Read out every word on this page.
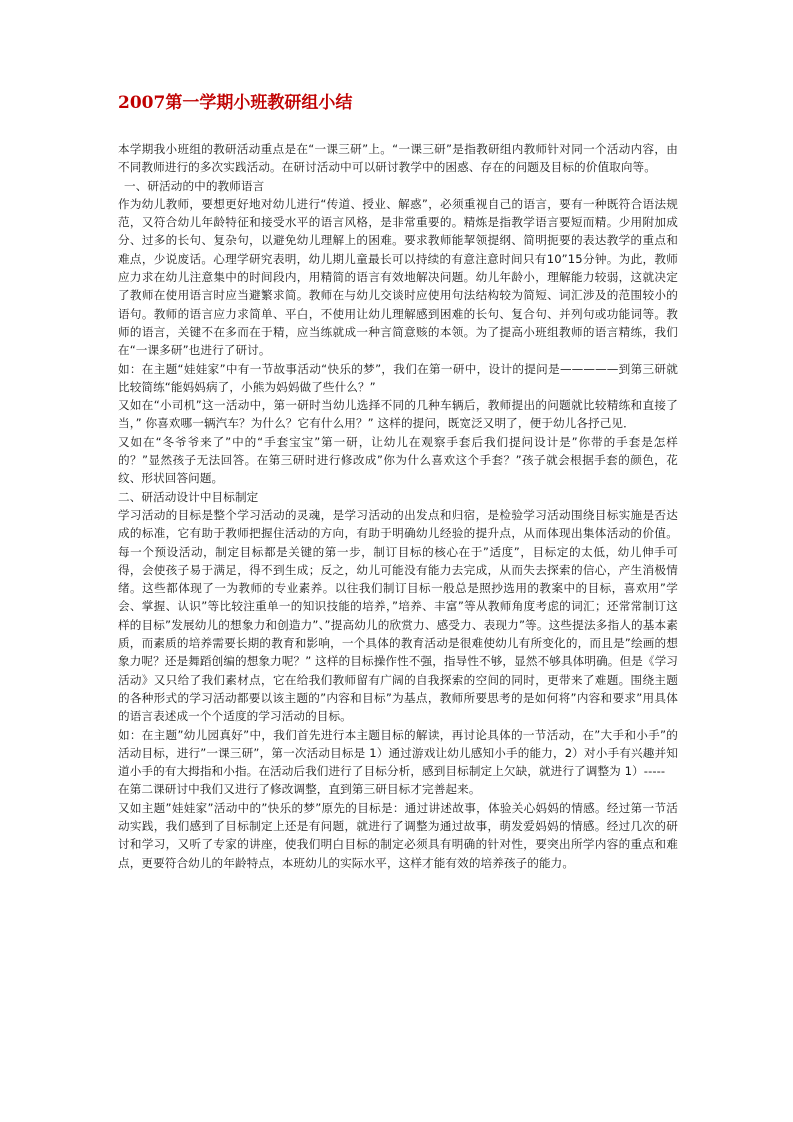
2007第一学期小班教研组小结

本学期我小班组的教研活动重点是在“一课三研”上。“一课三研”是指教研组内教师针对同一个活动内容，由不同教师进行的多次实践活动。在研讨活动中可以研讨教学中的困惑、存在的问题及目标的价值取向等。

一、研活动的中的教师语言

作为幼儿教师，要想更好地对幼儿进行“传道、授业、解惑”，必须重视自己的语言，要有一种既符合语法规范，又符合幼儿年龄特征和接受水平的语言风格，是非常重要的。精炼是指教学语言要短而精。少用附加成分、过多的长句、复杂句，以避免幼儿理解上的困难。要求教师能挈领提纲、简明扼要的表达教学的重点和难点，少说废话。心理学研究表明，幼儿期儿童最长可以持续的有意注意时间只有10”15分钟。为此，教师应力求在幼儿注意集中的时间段内，用精简的语言有效地解决问题。幼儿年龄小，理解能力较弱，这就决定了教师在使用语言时应当避繁求简。教师在与幼儿交谈时应使用句法结构较为简短、词汇涉及的范围较小的语句。教师的语言应力求简单、平白，不使用让幼儿理解感到困难的长句、复合句、并列句或功能词等。教师的语言，关键不在多而在于精，应当练就成一种言简意赅的本领。为了提高小班组教师的语言精练，我们在“一课多研”也进行了研讨。

如：在主题“娃娃家”中有一节故事活动“快乐的梦”，我们在第一研中，设计的提问是—————到第三研就比较简练“能妈妈病了，小熊为妈妈做了些什么？”

又如在“小司机”这一活动中，第一研时当幼儿选择不同的几种车辆后，教师提出的问题就比较精练和直接了当，” 你喜欢哪一辆汽车？为什么？它有什么用？” 这样的提问，既宽泛又明了，便于幼儿各抒己见．

又如在“冬爷爷来了”中的“手套宝宝”第一研，让幼儿在观察手套后我们提问设计是”你带的手套是怎样的？”显然孩子无法回答。在第三研时进行修改成”你为什么喜欢这个手套？”孩子就会根据手套的颜色，花纹、形状回答问题。

二、研活动设计中目标制定

学习活动的目标是整个学习活动的灵魂，是学习活动的出发点和归宿，是检验学习活动围绕目标实施是否达成的标准，它有助于教师把握住活动的方向，有助于明确幼儿经验的提升点，从而体现出集体活动的价值。每一个预设活动，制定目标都是关键的第一步，制订目标的核心在于”适度”，目标定的太低，幼儿伸手可得，会使孩子易于满足，得不到生成；反之，幼儿可能没有能力去完成，从而失去探索的信心，产生消极情绪。这些都体现了一为教师的专业素养。以往我们制订目标一般总是照抄选用的教案中的目标，喜欢用”学会、掌握、认识”等比较注重单一的知识技能的培养，”培养、丰富”等从教师角度考虑的词汇；还常常制订这样的目标”发展幼儿的想象力和创造力”、”提高幼儿的欣赏力、感受力、表现力”等。这些提法多指人的基本素质，而素质的培养需要长期的教育和影响，一个具体的教育活动是很难使幼儿有所变化的，而且是”绘画的想象力呢？还是舞蹈创编的想象力呢？” 这样的目标操作性不强，指导性不够，显然不够具体明确。但是《学习活动》又只给了我们素材点，它在给我们教师留有广阔的自我探索的空间的同时，更带来了难题。围绕主题的各种形式的学习活动都要以该主题的”内容和目标”为基点，教师所要思考的是如何将”内容和要求”用具体的语言表述成一个个适度的学习活动的目标。

如：在主题”幼儿园真好”中，我们首先进行本主题目标的解读，再讨论具体的一节活动，在”大手和小手”的活动目标，进行”一课三研”，第一次活动目标是 1）通过游戏让幼儿感知小手的能力，2）对小手有兴趣并知道小手的有大拇指和小指。在活动后我们进行了目标分析，感到目标制定上欠缺，就进行了调整为 1）-----

在第二课研讨中我们又进行了修改调整，直到第三研目标才完善起来。

又如主题”娃娃家”活动中的”快乐的梦”原先的目标是：通过讲述故事，体验关心妈妈的情感。经过第一节活动实践，我们感到了目标制定上还是有问题，就进行了调整为通过故事，萌发爱妈妈的情感。经过几次的研讨和学习，又听了专家的讲座，使我们明白目标的制定必须具有明确的针对性，要突出所学内容的重点和难点，更要符合幼儿的年龄特点，本班幼儿的实际水平，这样才能有效的培养孩子的能力。
